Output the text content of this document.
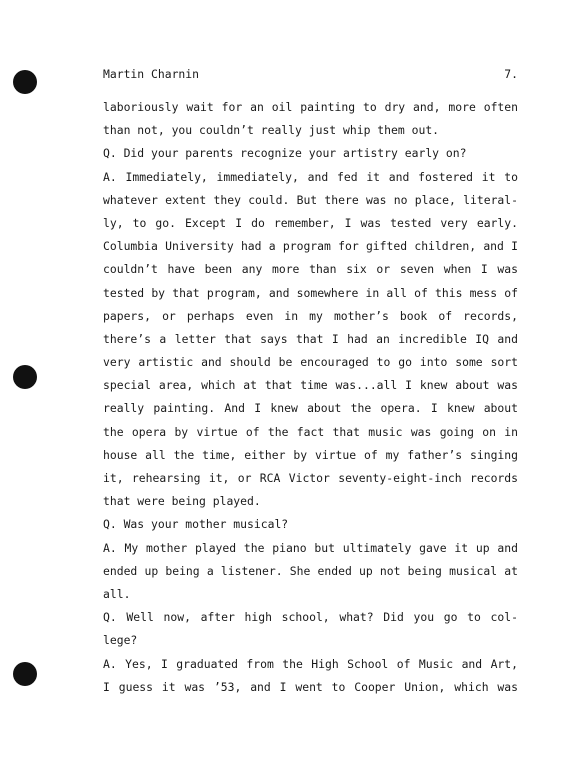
Martin Charnin	7.
laboriously wait for an oil painting to dry and, more often
than not, you couldn’t really just whip them out.
Q. Did your parents recognize your artistry early on?
A. Immediately, immediately, and fed it and fostered it to
whatever extent they could. But there was no place, literal-
ly, to go. Except I do remember, I was tested very early.
Columbia University had a program for gifted children, and I
couldn’t have been any more than six or seven when I was
tested by that program, and somewhere in all of this mess of
papers, or perhaps even in my mother’s book of records,
there’s a letter that says that I had an incredible IQ and
very artistic and should be encouraged to go into some sort
special area, which at that time was...all I knew about was
really painting. And I knew about the opera. I knew about
the opera by virtue of the fact that music was going on in
house all the time, either by virtue of my father’s singing
it, rehearsing it, or RCA Victor seventy-eight-inch records
that were being played.
Q. Was your mother musical?
A. My mother played the piano but ultimately gave it up and
ended up being a listener. She ended up not being musical at
all.
Q. Well now, after high school, what? Did you go to col-
lege?
A. Yes, I graduated from the High School of Music and Art,
I guess it was ’53, and I went to Cooper Union, which was
